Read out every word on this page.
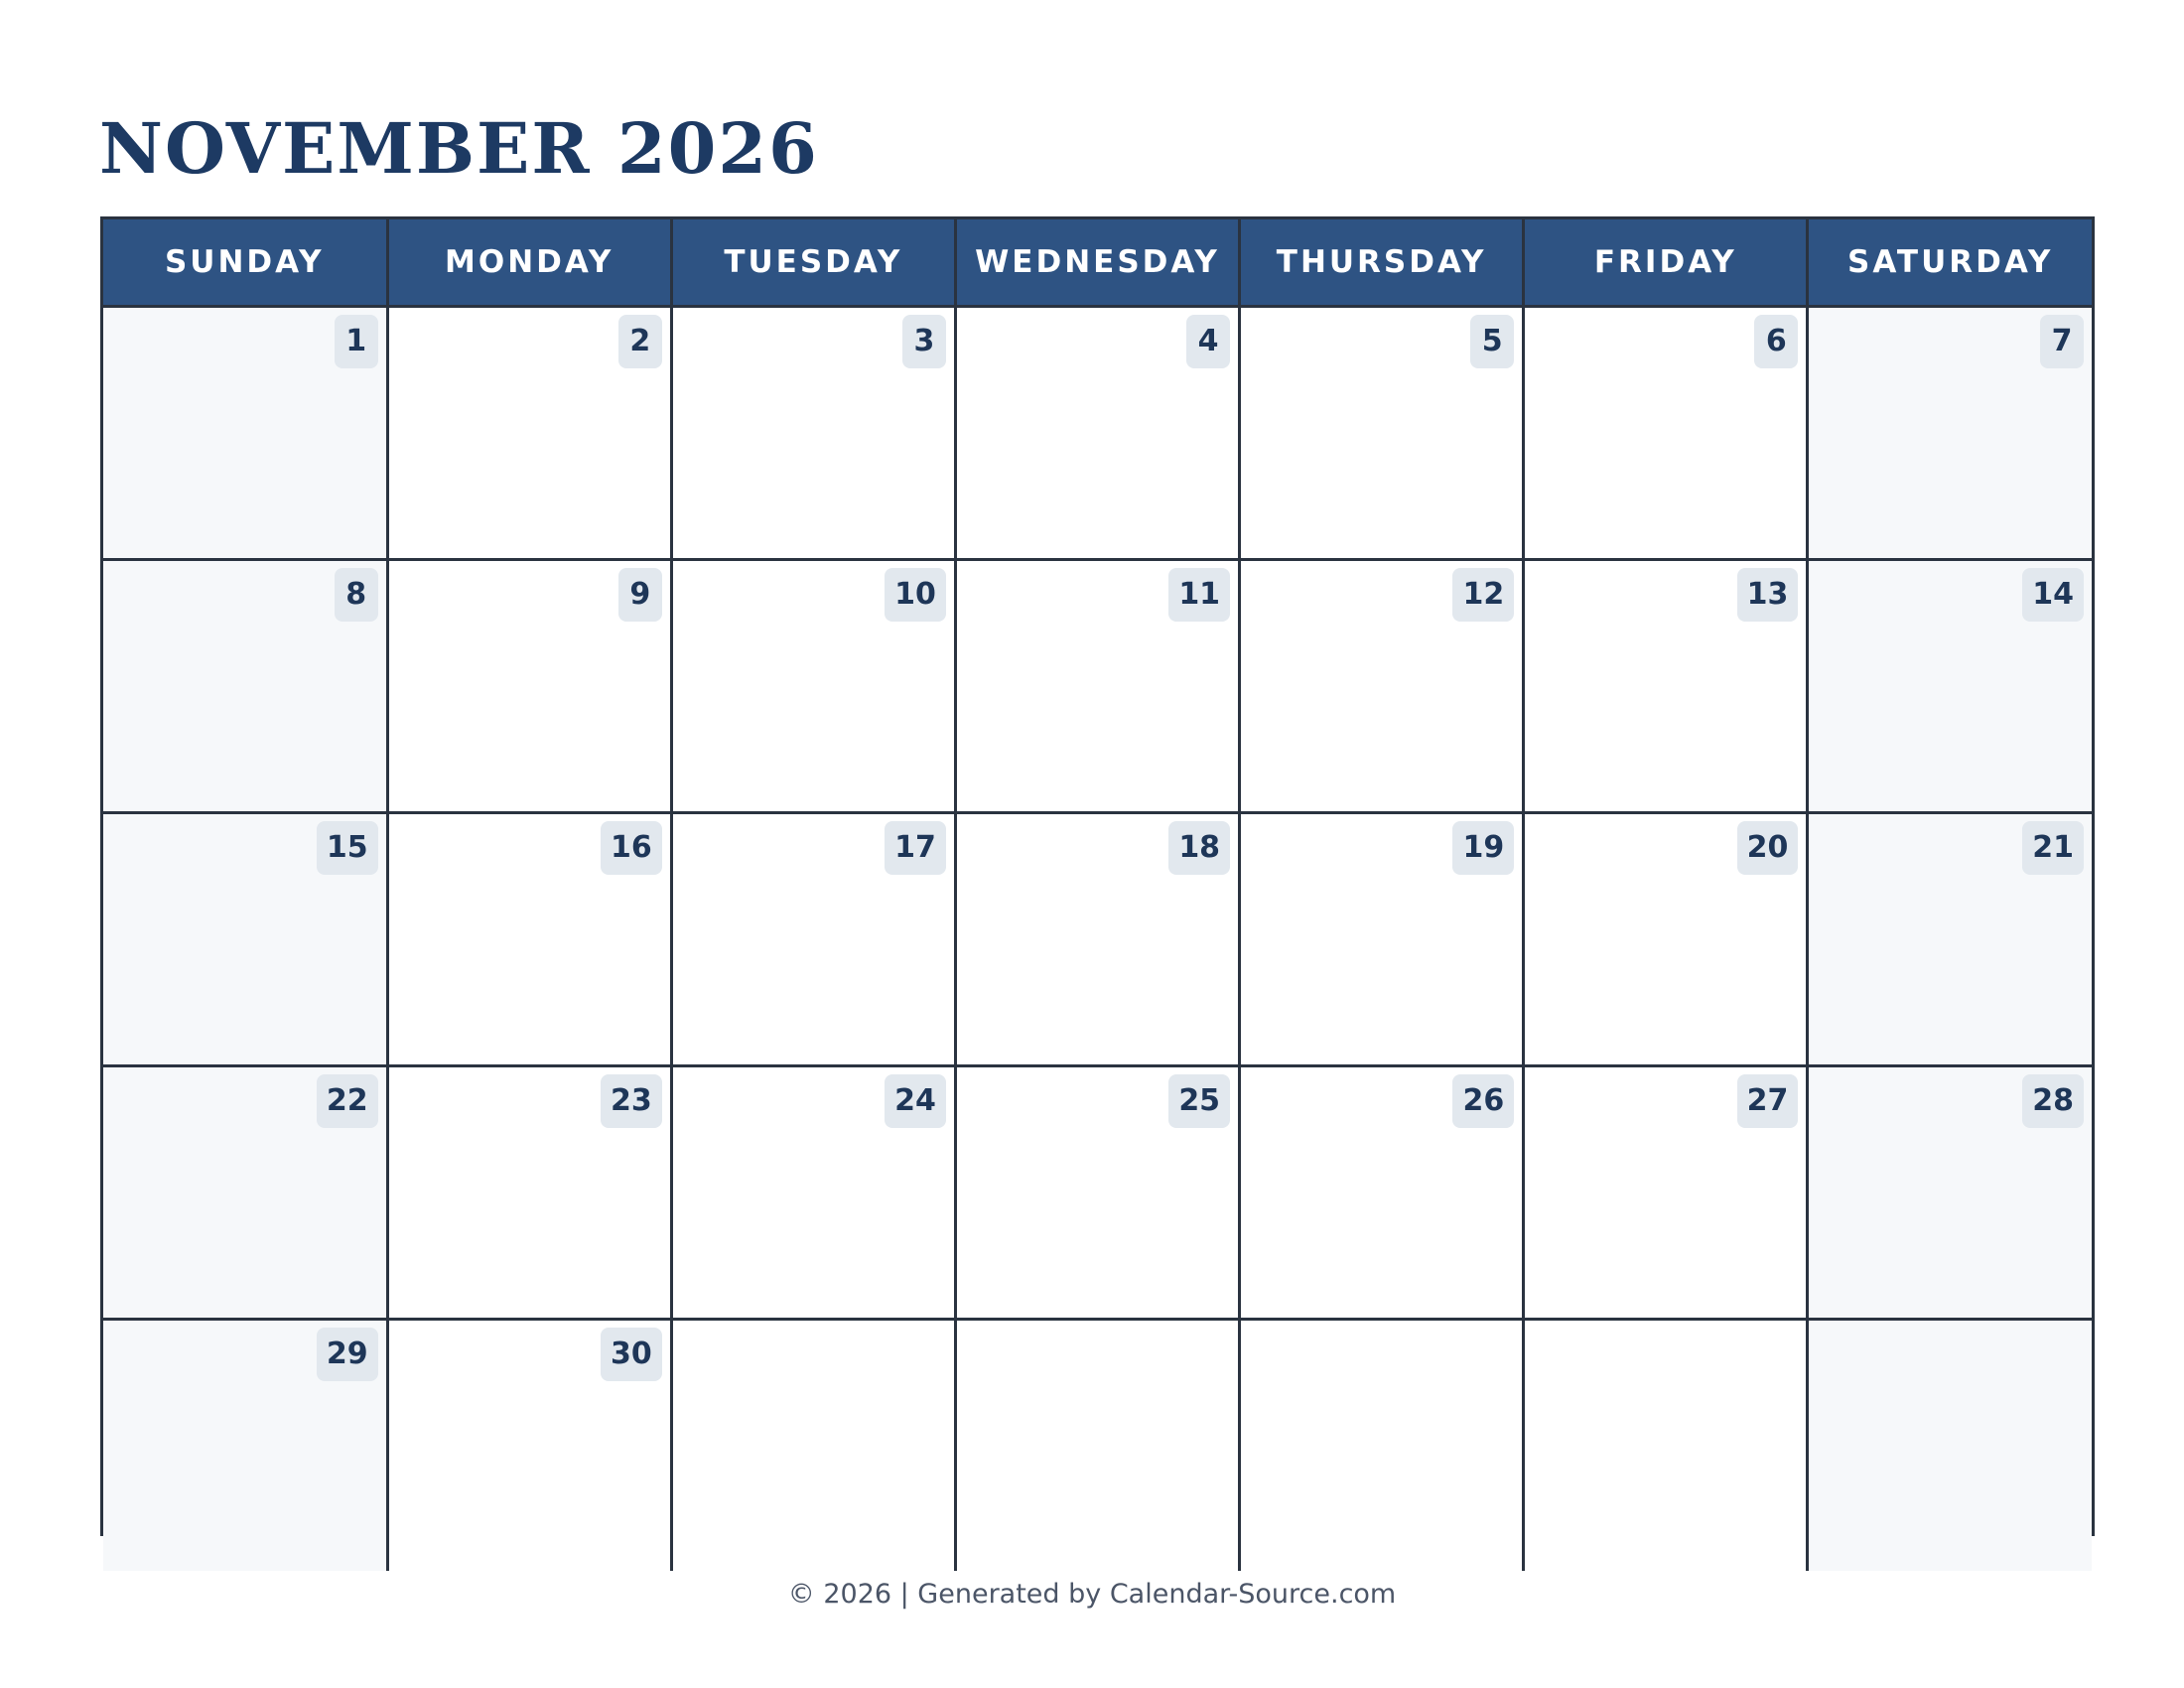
NOVEMBER 2026
SUNDAY	MONDAY	TUESDAY	WEDNESDAY	THURSDAY	FRIDAY	SATURDAY
1	2	3	4	5	6	7
8	9	10	11	12	13	14
15	16	17	18	19	20	21
22	23	24	25	26	27	28
29	30					
© 2026 | Generated by Calendar-Source.com
